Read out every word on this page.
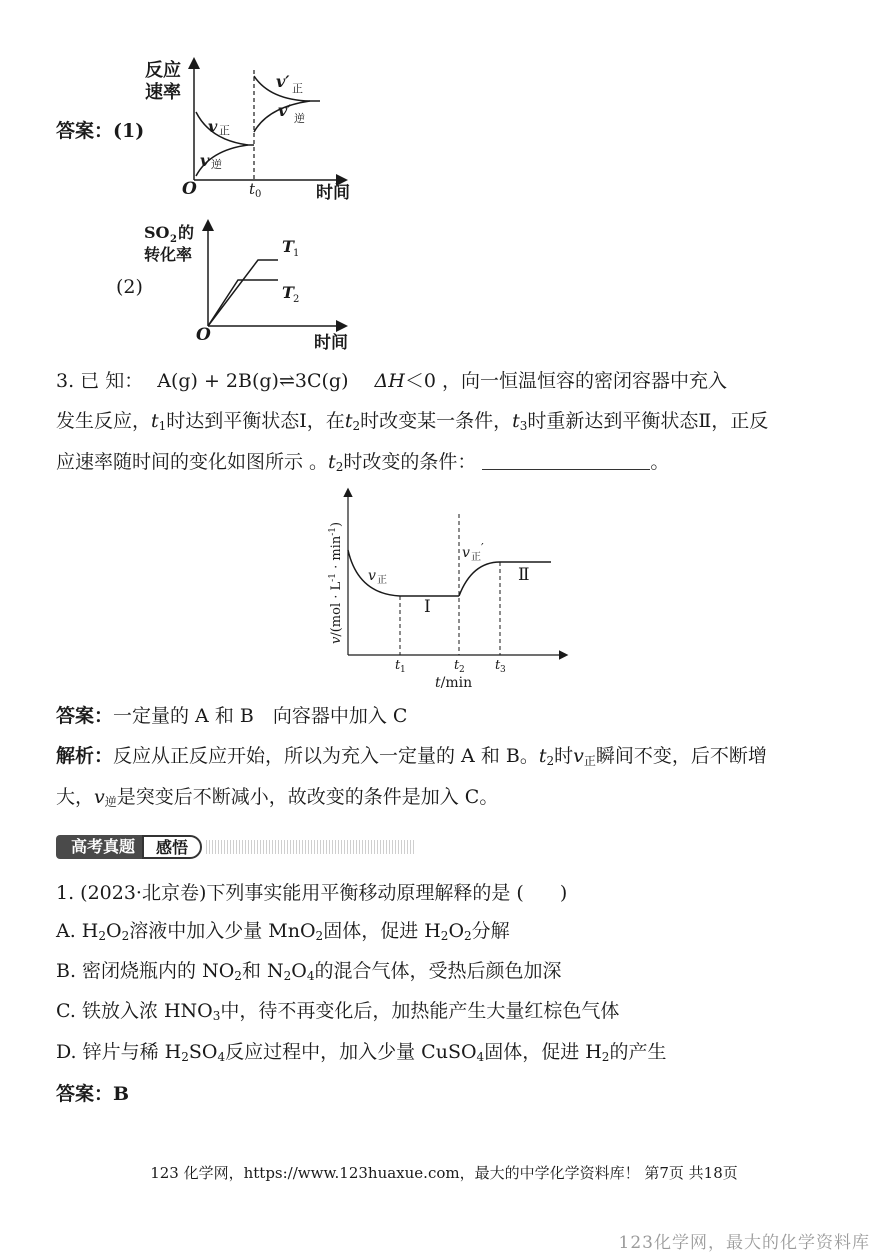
答案：(1)
反应
速率
v 正
v 逆
v′ 正
v′ 逆
O	t 0	时间
(2)
SO 2 的
转化率	T 1
T 2
O	时间
3. 已 知： A(g) + 2B(g)⇌3C(g) ΔH＜0 ，向一恒温恒容的密闭容器中充入
发生反应，$t_1$时达到平衡状态Ⅰ，在$t_2$时改变某一条件，$t_3$时重新达到平衡状态Ⅱ，正反
应速率随时间的变化如图所示 。$t_2$时改变的条件：	。
$v/(mol \cdot L^{-1} \cdot \min^{-1})$
v 正
v 正
′
Ⅰ
Ⅱ
t 1	t 2 t 3
t/min
答案：一定量的 A 和 B　向容器中加入 C
解析：反应从正反应开始，所以为充入一定量的 A 和 B。$t_2$时$v_正$瞬间不变，后不断增
大，$v_逆$是突变后不断减小，故改变的条件是加入 C。
高考真题	感悟
1. (2023·北京卷)下列事实能用平衡移动原理解释的是 ( )
A. $H_2O_2$溶液中加入少量 MnO$_2$固体，促进 $H_2O_2$分解
B. 密闭烧瓶内的 $NO_2$和 $N_2O_4$的混合气体，受热后颜色加深
C. 铁放入浓 $HNO_3$中，待不再变化后，加热能产生大量红棕色气体
D. 锌片与稀 $H_2SO_4$反应过程中，加入少量 CuSO$_4$固体，促进 $H_2$的产生
答案：B
123 化学网，https://www.123huaxue.com，最大的中学化学资料库！ 第7页 共18页
123化学网，最大的化学资料库
